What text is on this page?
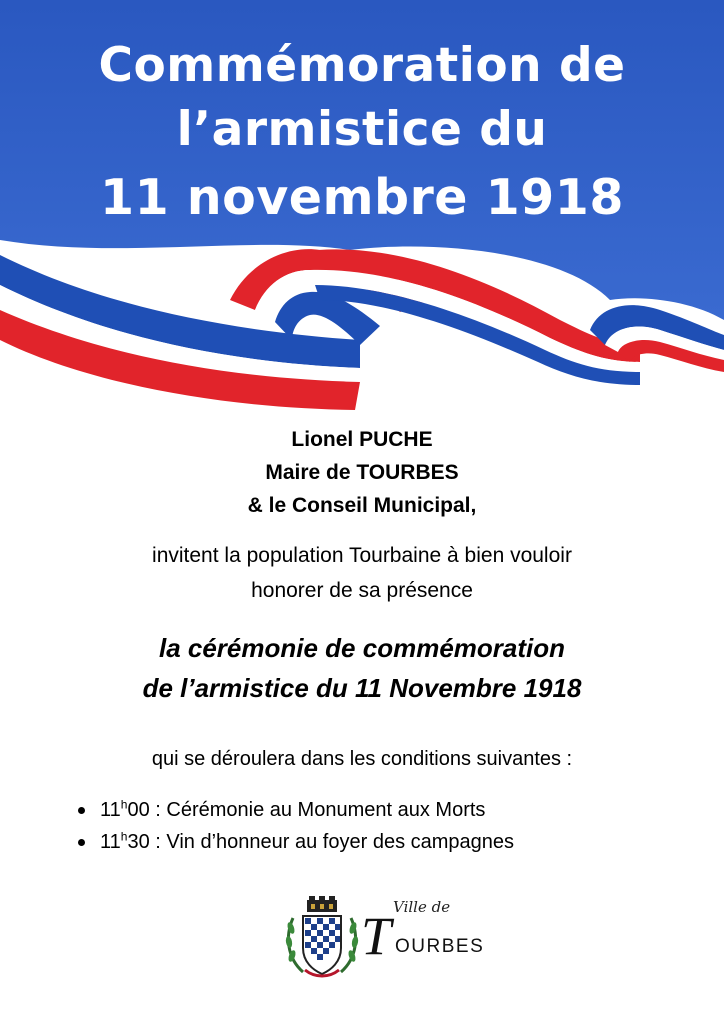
Commémoration de
l’armistice du
11 novembre 1918
Lionel PUCHE
Maire de TOURBES
& le Conseil Municipal,
invitent la population Tourbaine à bien vouloir
honorer de sa présence
la cérémonie de commémoration
de l’armistice du 11 Novembre 1918
qui se déroulera dans les conditions suivantes :
11$^h$00 : Cérémonie au Monument aux Morts
11$^h$30 : Vin d’honneur au foyer des campagnes
Ville de
T OURBES
